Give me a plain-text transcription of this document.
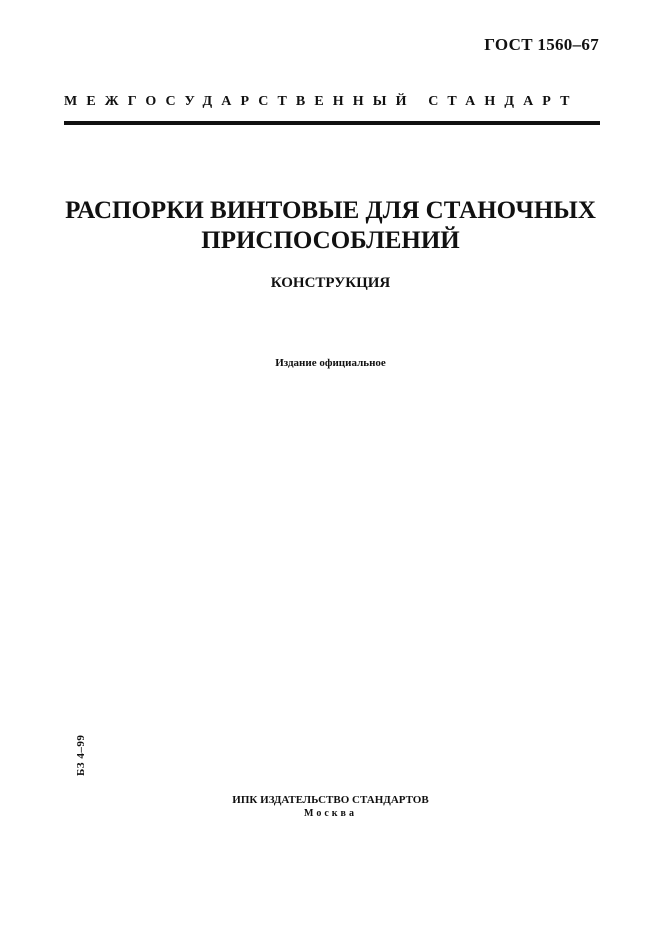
ГОСТ 1560–67
МЕЖГОСУДАРСТВЕННЫЙ СТАНДАРТ
РАСПОРКИ ВИНТОВЫЕ ДЛЯ СТАНОЧНЫХ
ПРИСПОСОБЛЕНИЙ
КОНСТРУКЦИЯ
Издание официальное
БЗ 4–99
ИПК ИЗДАТЕЛЬСТВО СТАНДАРТОВ
Москва
